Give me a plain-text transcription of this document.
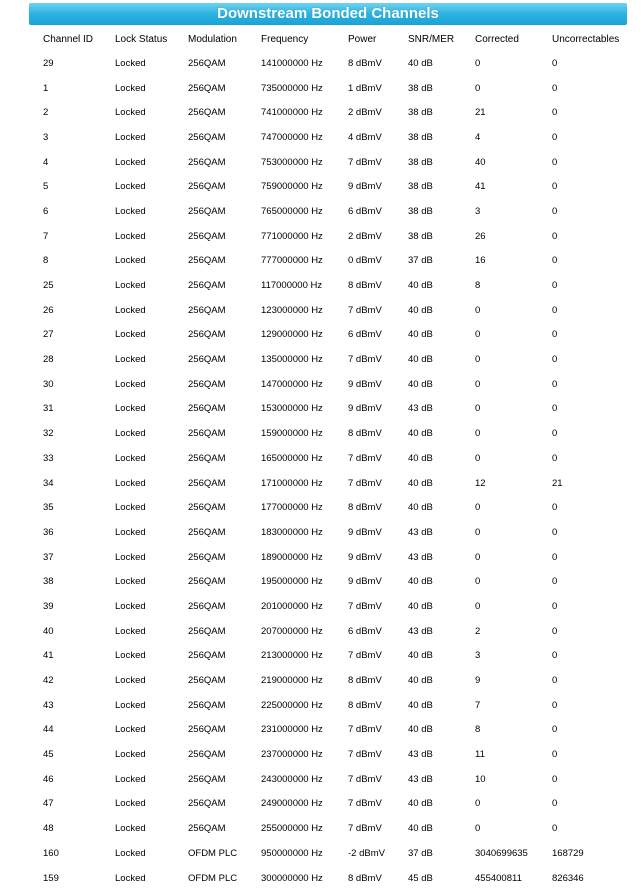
Downstream Bonded Channels
Channel ID	Lock Status	Modulation	Frequency	Power	SNR/MER	Corrected	Uncorrectables
29	Locked	256QAM	141000000 Hz	8 dBmV	40 dB	0	0
1	Locked	256QAM	735000000 Hz	1 dBmV	38 dB	0	0
2	Locked	256QAM	741000000 Hz	2 dBmV	38 dB	21	0
3	Locked	256QAM	747000000 Hz	4 dBmV	38 dB	4	0
4	Locked	256QAM	753000000 Hz	7 dBmV	38 dB	40	0
5	Locked	256QAM	759000000 Hz	9 dBmV	38 dB	41	0
6	Locked	256QAM	765000000 Hz	6 dBmV	38 dB	3	0
7	Locked	256QAM	771000000 Hz	2 dBmV	38 dB	26	0
8	Locked	256QAM	777000000 Hz	0 dBmV	37 dB	16	0
25	Locked	256QAM	117000000 Hz	8 dBmV	40 dB	8	0
26	Locked	256QAM	123000000 Hz	7 dBmV	40 dB	0	0
27	Locked	256QAM	129000000 Hz	6 dBmV	40 dB	0	0
28	Locked	256QAM	135000000 Hz	7 dBmV	40 dB	0	0
30	Locked	256QAM	147000000 Hz	9 dBmV	40 dB	0	0
31	Locked	256QAM	153000000 Hz	9 dBmV	43 dB	0	0
32	Locked	256QAM	159000000 Hz	8 dBmV	40 dB	0	0
33	Locked	256QAM	165000000 Hz	7 dBmV	40 dB	0	0
34	Locked	256QAM	171000000 Hz	7 dBmV	40 dB	12	21
35	Locked	256QAM	177000000 Hz	8 dBmV	40 dB	0	0
36	Locked	256QAM	183000000 Hz	9 dBmV	43 dB	0	0
37	Locked	256QAM	189000000 Hz	9 dBmV	43 dB	0	0
38	Locked	256QAM	195000000 Hz	9 dBmV	40 dB	0	0
39	Locked	256QAM	201000000 Hz	7 dBmV	40 dB	0	0
40	Locked	256QAM	207000000 Hz	6 dBmV	43 dB	2	0
41	Locked	256QAM	213000000 Hz	7 dBmV	40 dB	3	0
42	Locked	256QAM	219000000 Hz	8 dBmV	40 dB	9	0
43	Locked	256QAM	225000000 Hz	8 dBmV	40 dB	7	0
44	Locked	256QAM	231000000 Hz	7 dBmV	40 dB	8	0
45	Locked	256QAM	237000000 Hz	7 dBmV	43 dB	11	0
46	Locked	256QAM	243000000 Hz	7 dBmV	43 dB	10	0
47	Locked	256QAM	249000000 Hz	7 dBmV	40 dB	0	0
48	Locked	256QAM	255000000 Hz	7 dBmV	40 dB	0	0
160	Locked	OFDM PLC	950000000 Hz	-2 dBmV	37 dB	3040699635	168729
159	Locked	OFDM PLC	300000000 Hz	8 dBmV	45 dB	455400811	826346
